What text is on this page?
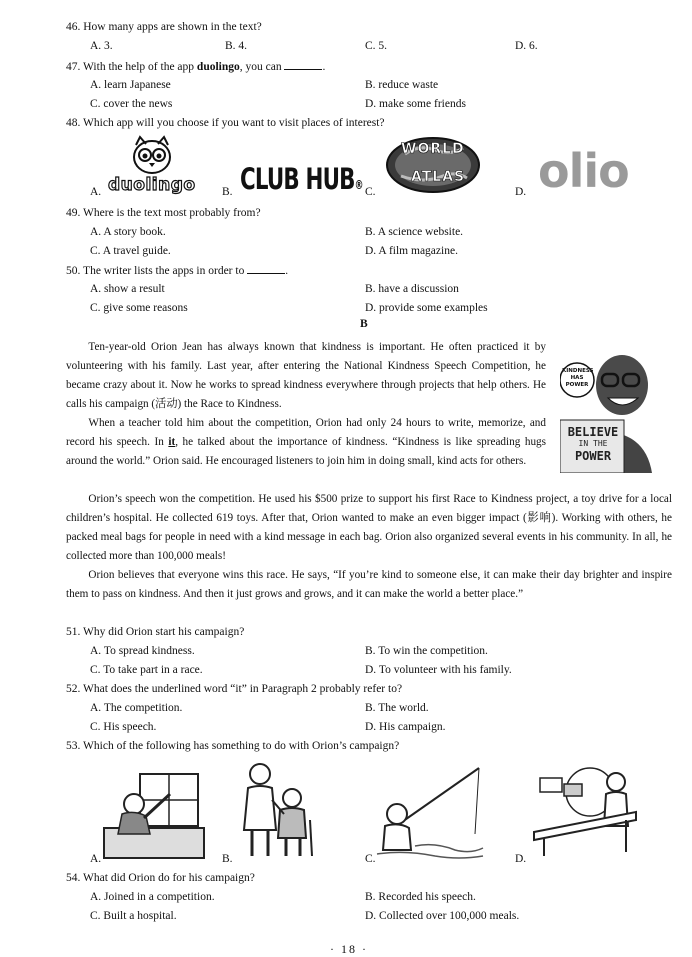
46. How many apps are shown in the text?
A. 3.	B. 4.	C. 5.	D. 6.
47. With the help of the app duolingo, you can	.
A. learn Japanese	B. reduce waste
C. cover the news	D. make some friends
48. Which app will you choose if you want to visit places of interest?
A. duolingo B. CLUB HUB® C.
WORLD
ATLAS
D. olio
49. Where is the text most probably from?
A. A story book.	B. A science website.
C. A travel guide.	D. A film magazine.
50. The writer lists the apps in order to	.
A. show a result	B. have a discussion
C. give some reasons	D. provide some examples
B
KINDNESS HAS POWER
BELIEVE
IN THE
POWER
Ten-year-old Orion Jean has always known that kindness is important. He often practiced it by volunteering with his family. Last year, after entering the National Kindness Speech Competition, he became crazy about it. Now he works to spread kindness everywhere through projects that help others. He calls his campaign (活动) the Race to Kindness.
When a teacher told him about the competition, Orion had only 24 hours to write, memorize, and record his speech. In it, he talked about the importance of kindness. “Kindness is like spreading hugs around the world.” Orion said. He encouraged listeners to join him in doing small, kind acts for others.
Orion’s speech won the competition. He used his $500 prize to support his first Race to Kindness project, a toy drive for a local children’s hospital. He collected 619 toys. After that, Orion wanted to make an even bigger impact (影响). Working with others, he packed meal bags for people in need with a kind message in each bag. Orion also organized several events in his community. In all, he collected more than 100,000 meals!
Orion believes that everyone wins this race. He says, “If you’re kind to someone else, it can make their day brighter and inspire them to pass on kindness. And then it just grows and grows, and it can make the world a better place.”
51. Why did Orion start his campaign?
A. To spread kindness.	B. To win the competition.
C. To take part in a race.	D. To volunteer with his family.
52. What does the underlined word “it” in Paragraph 2 probably refer to?
A. The competition.	B. The world.
C. His speech.	D. His campaign.
53. Which of the following has something to do with Orion’s campaign?
A.	B.	C.	D.
54. What did Orion do for his campaign?
A. Joined in a competition.	B. Recorded his speech.
C. Built a hospital.	D. Collected over 100,000 meals.
· 18 ·
